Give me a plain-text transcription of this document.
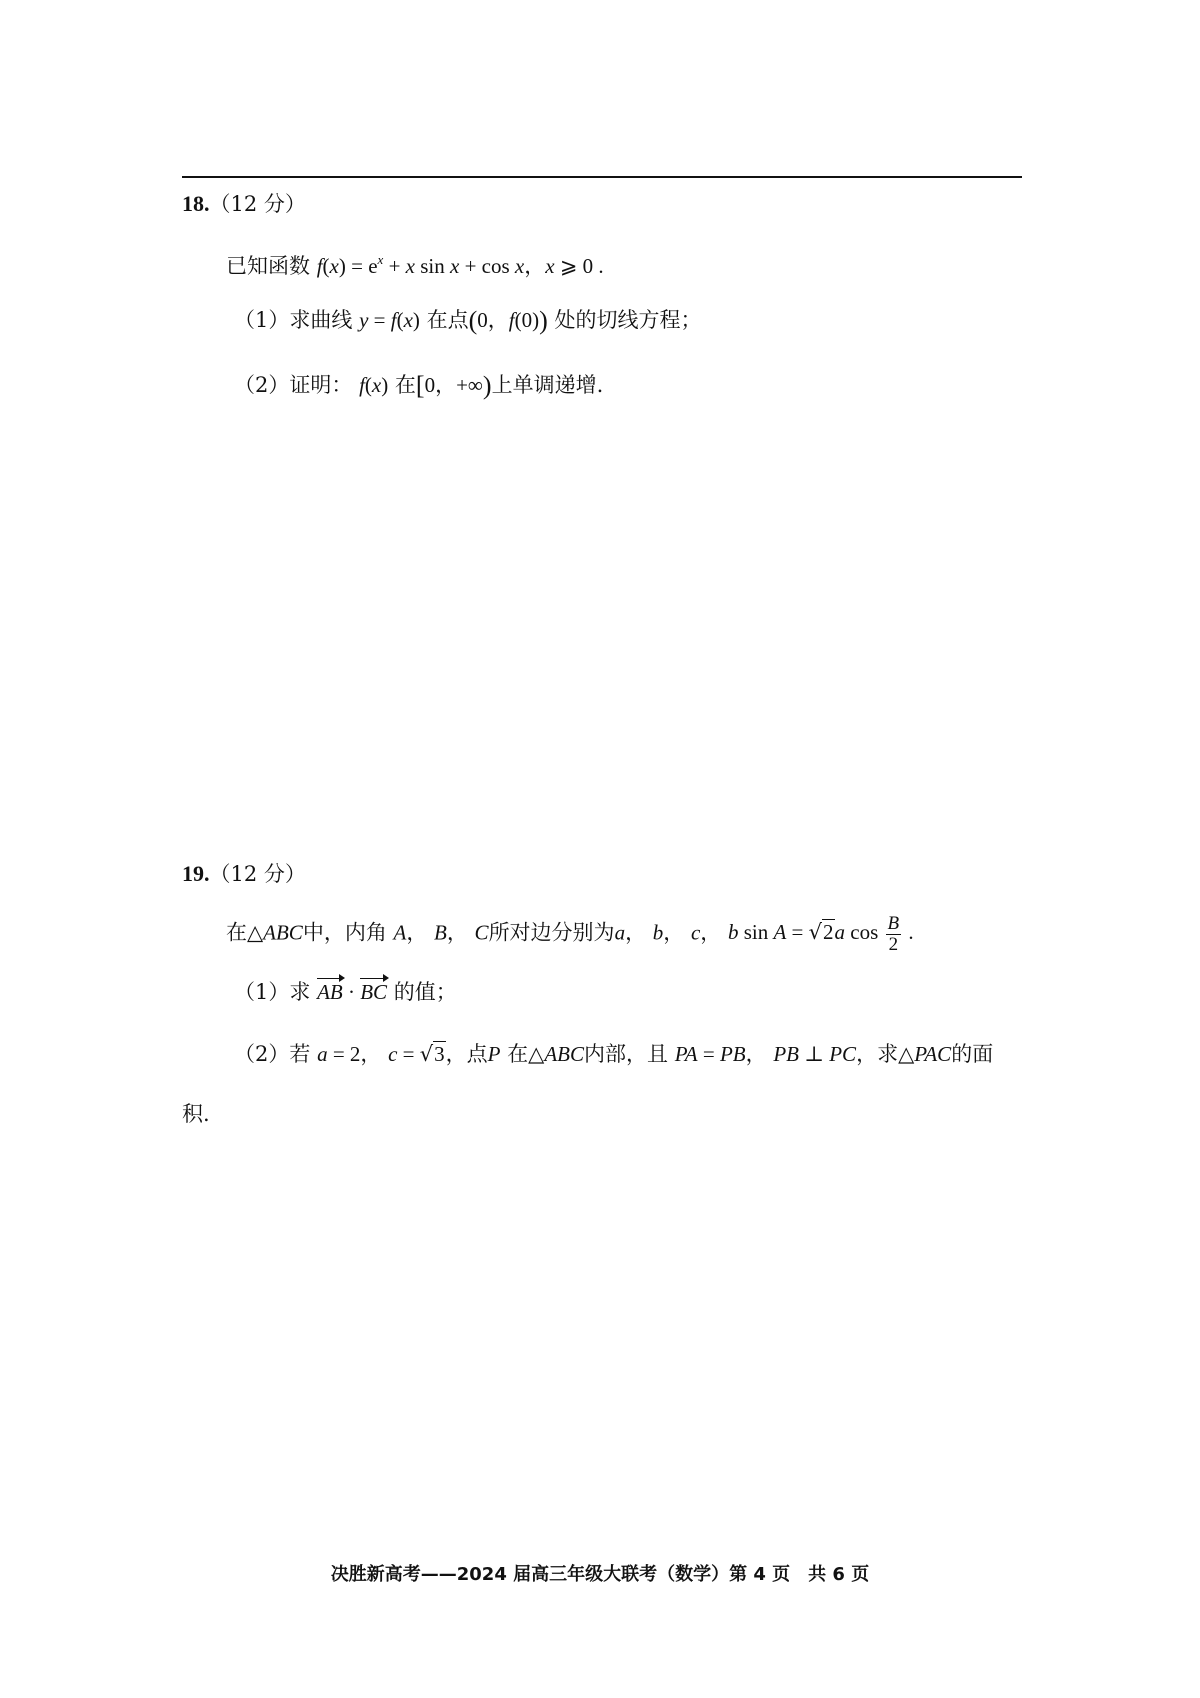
18.（12 分）
已知函数 $f(x) = e^x + x$ sin x + cos x，x ⩾ 0 .
（1）求曲线 y = f(x) 在点(0，f(0)) 处的切线方程；
（2）证明： f(x) 在[0，+∞)上单调递增.
19.（12 分）
在△ABC中，内角 A， B， C所对边分别为a， b， c， b sin A = √2a $\cos \frac{B}{2}$ .
（1）求 AB · BC 的值；
（2）若 a = 2， c = √3，点P 在△ABC内部，且 PA = PB， PB ⊥ PC，求△PAC的面
积.
决胜新高考——2024 届高三年级大联考（数学）第 4 页　共 6 页
